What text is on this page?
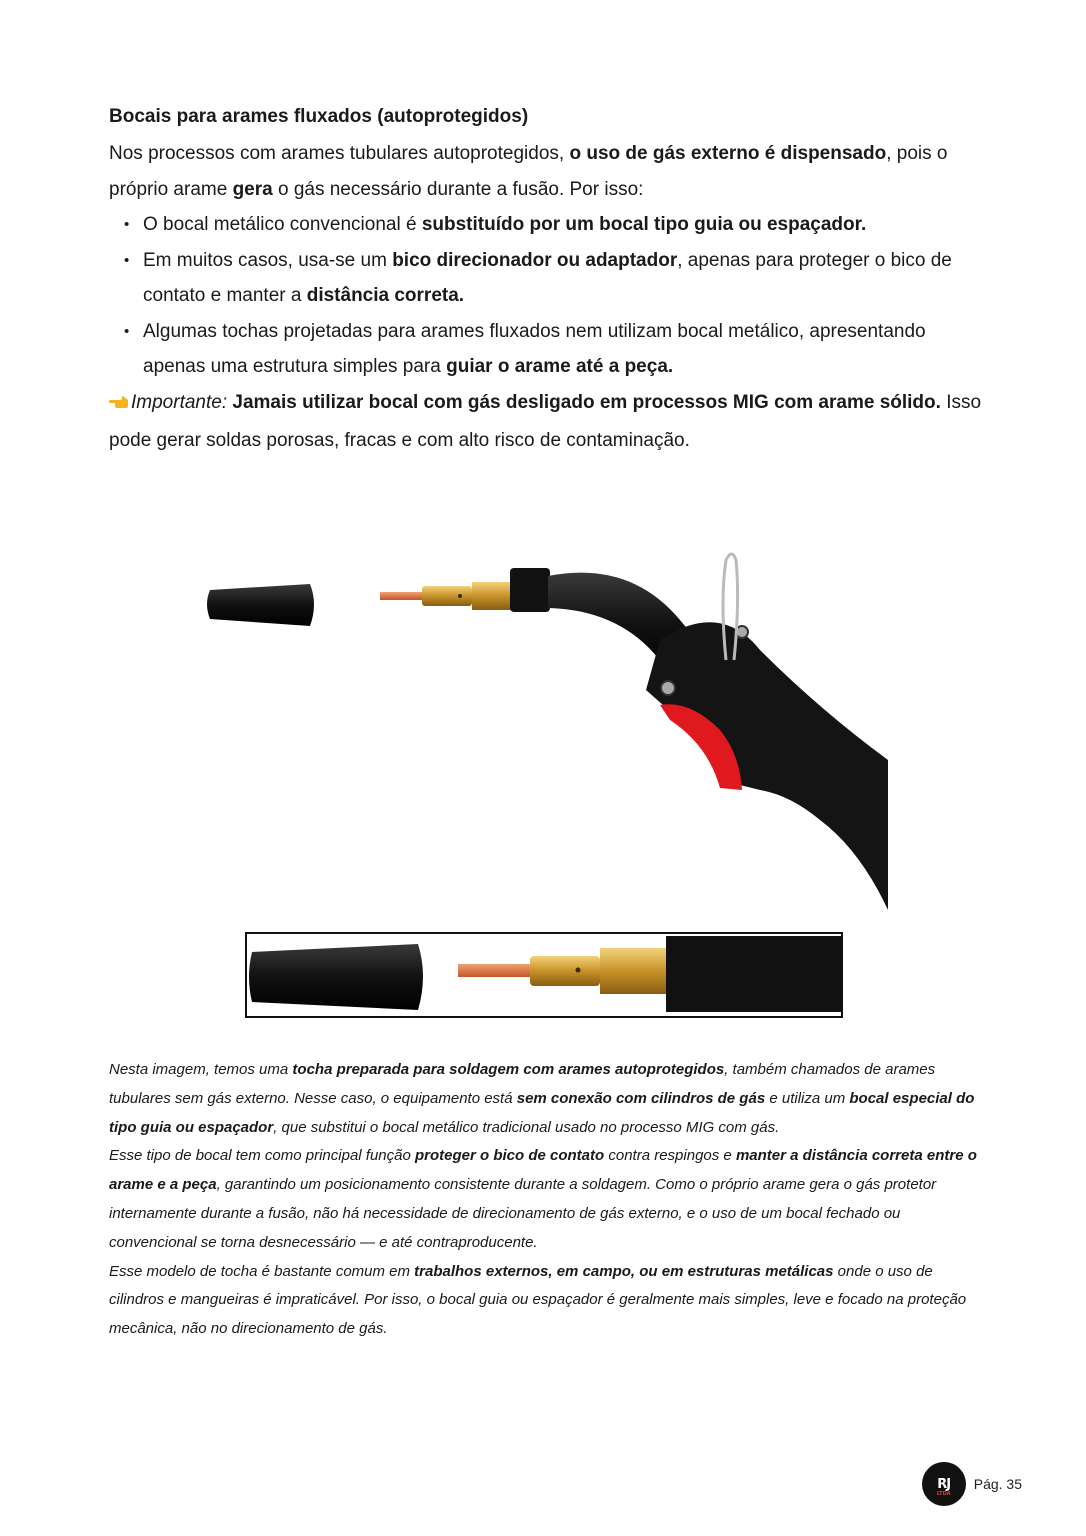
Bocais para arames fluxados (autoprotegidos)

Nos processos com arames tubulares autoprotegidos, o uso de gás externo é dispensado, pois o próprio arame gera o gás necessário durante a fusão. Por isso:

• O bocal metálico convencional é substituído por um bocal tipo guia ou espaçador.
• Em muitos casos, usa-se um bico direcionador ou adaptador, apenas para proteger o bico de contato e manter a distância correta.
• Algumas tochas projetadas para arames fluxados nem utilizam bocal metálico, apresentando apenas uma estrutura simples para guiar o arame até a peça.

Importante: Jamais utilizar bocal com gás desligado em processos MIG com arame sólido. Isso pode gerar soldas porosas, fracas e com alto risco de contaminação.

Nesta imagem, temos uma tocha preparada para soldagem com arames autoprotegidos, também chamados de arames tubulares sem gás externo. Nesse caso, o equipamento está sem conexão com cilindros de gás e utiliza um bocal especial do tipo guia ou espaçador, que substitui o bocal metálico tradicional usado no processo MIG com gás.

Esse tipo de bocal tem como principal função proteger o bico de contato contra respingos e manter a distância correta entre o arame e a peça, garantindo um posicionamento consistente durante a soldagem. Como o próprio arame gera o gás protetor internamente durante a fusão, não há necessidade de direcionamento de gás externo, e o uso de um bocal fechado ou convencional se torna desnecessário — e até contraproducente.

Esse modelo de tocha é bastante comum em trabalhos externos, em campo, ou em estruturas metálicas onde o uso de cilindros e mangueiras é impraticável. Por isso, o bocal guia ou espaçador é geralmente mais simples, leve e focado na proteção mecânica, não no direcionamento de gás.

RJ
LTDA
Pág. 35
